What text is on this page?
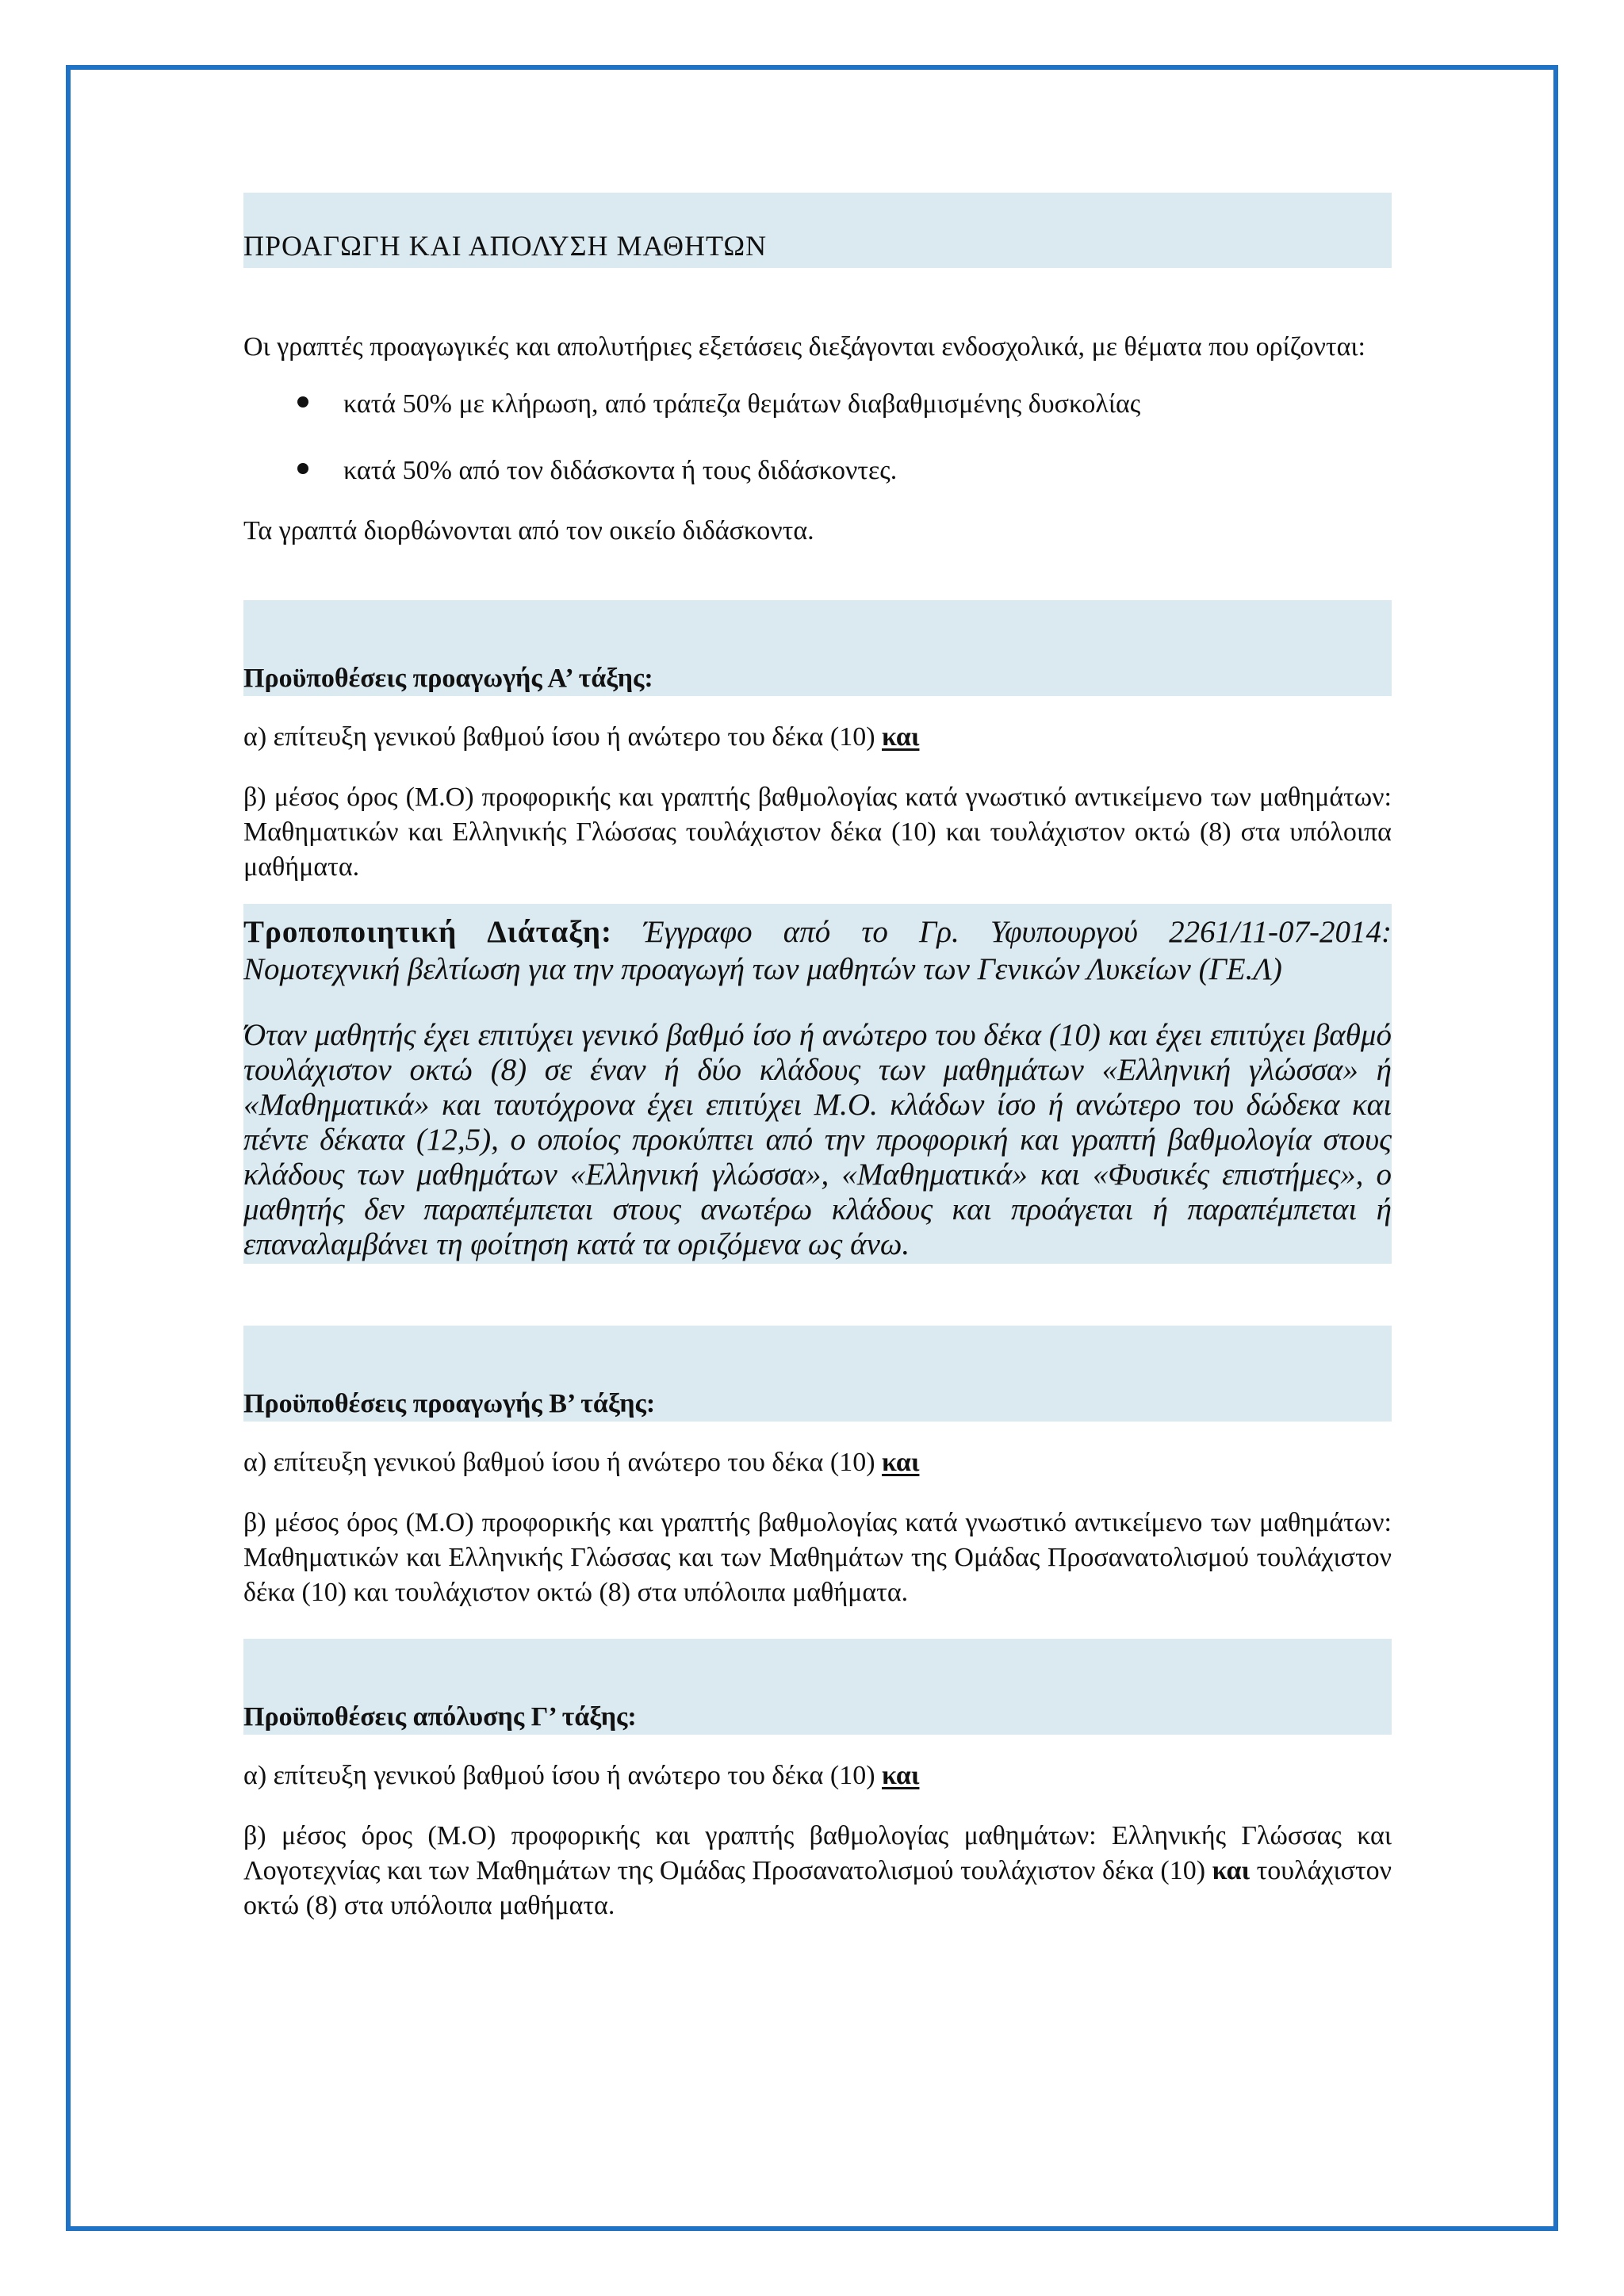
ΠΡΟΑΓΩΓΗ ΚΑΙ ΑΠΟΛΥΣΗ ΜΑΘΗΤΩΝ

Οι γραπτές προαγωγικές και απολυτήριες εξετάσεις διεξάγονται ενδοσχολικά, με θέματα που ορίζονται:

κατά 50% με κλήρωση, από τράπεζα θεμάτων διαβαθμισμένης δυσκολίας
κατά 50% από τον διδάσκοντα ή τους διδάσκοντες.

Τα γραπτά διορθώνονται από τον οικείο διδάσκοντα.

Προϋποθέσεις προαγωγής Α’ τάξης:

α) επίτευξη γενικού βαθμού ίσου ή ανώτερο του δέκα (10) και

β) μέσος όρος (Μ.Ο) προφορικής και γραπτής βαθμολογίας κατά γνωστικό αντικείμενο των μαθημάτων: Μαθηματικών και Ελληνικής Γλώσσας τουλάχιστον δέκα (10) και τουλάχιστον οκτώ (8) στα υπόλοιπα μαθήματα.

Τροποποιητική Διάταξη: Έγγραφο από το Γρ. Υφυπουργού 2261/11-07-2014: Νομοτεχνική βελτίωση για την προαγωγή των μαθητών των Γενικών Λυκείων (ΓΕ.Λ)

Όταν μαθητής έχει επιτύχει γενικό βαθμό ίσο ή ανώτερο του δέκα (10) και έχει επιτύχει βαθμό τουλάχιστον οκτώ (8) σε έναν ή δύο κλάδους των μαθημάτων «Ελληνική γλώσσα» ή «Μαθηματικά» και ταυτόχρονα έχει επιτύχει Μ.Ο. κλάδων ίσο ή ανώτερο του δώδεκα και πέντε δέκατα (12,5), ο οποίος προκύπτει από την προφορική και γραπτή βαθμολογία στους κλάδους των μαθημάτων «Ελληνική γλώσσα», «Μαθηματικά» και «Φυσικές επιστήμες», ο μαθητής δεν παραπέμπεται στους ανωτέρω κλάδους και προάγεται ή παραπέμπεται ή επαναλαμβάνει τη φοίτηση κατά τα οριζόμενα ως άνω.

Προϋποθέσεις προαγωγής Β’ τάξης:

α) επίτευξη γενικού βαθμού ίσου ή ανώτερο του δέκα (10) και

β) μέσος όρος (Μ.Ο) προφορικής και γραπτής βαθμολογίας κατά γνωστικό αντικείμενο των μαθημάτων: Μαθηματικών και Ελληνικής Γλώσσας και των Μαθημάτων της Ομάδας Προσανατολισμού τουλάχιστον δέκα (10) και τουλάχιστον οκτώ (8) στα υπόλοιπα μαθήματα.

Προϋποθέσεις απόλυσης Γ’ τάξης:

α) επίτευξη γενικού βαθμού ίσου ή ανώτερο του δέκα (10) και

β) μέσος όρος (Μ.Ο) προφορικής και γραπτής βαθμολογίας μαθημάτων: Ελληνικής Γλώσσας και Λογοτεχνίας και των Μαθημάτων της Ομάδας Προσανατολισμού τουλάχιστον δέκα (10) και τουλάχιστον οκτώ (8) στα υπόλοιπα μαθήματα.
